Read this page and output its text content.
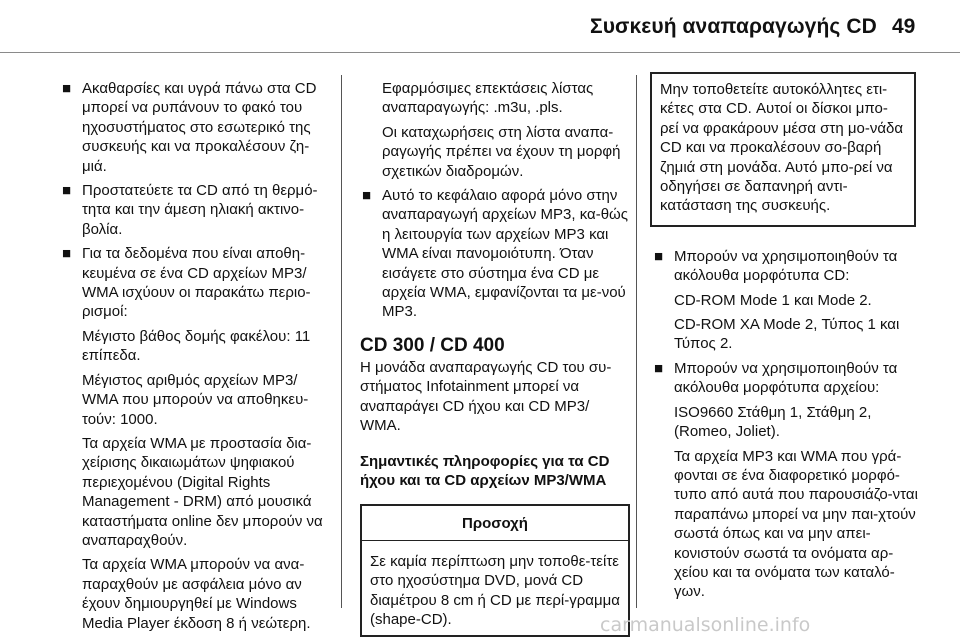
Συσκευή αναπαραγωγής CD 49
■ Ακαθαρσίες και υγρά πάνω στα CD μπορεί να ρυπάνουν το φακό του ηχοσυστήματος στο εσωτερικό της συσκευής και να προκαλέσουν ζη-μιά.
■ Προστατεύετε τα CD από τη θερμό-τητα και την άμεση ηλιακή ακτινο-βολία.
■ Για τα δεδομένα που είναι αποθη-κευμένα σε ένα CD αρχείων MP3/ WMA ισχύουν οι παρακάτω περιο-ρισμοί:
Μέγιστο βάθος δομής φακέλου: 11 επίπεδα.
Μέγιστος αριθμός αρχείων MP3/ WMA που μπορούν να αποθηκευ-τούν: 1000.
Τα αρχεία WMA με προστασία δια-χείρισης δικαιωμάτων ψηφιακού περιεχομένου (Digital Rights Management - DRM) από μουσικά καταστήματα online δεν μπορούν να αναπαραχθούν.
Τα αρχεία WMA μπορούν να ανα-παραχθούν με ασφάλεια μόνο αν έχουν δημιουργηθεί με Windows Media Player έκδοση 8 ή νεώτερη.
Εφαρμόσιμες επεκτάσεις λίστας αναπαραγωγής: .m3u, .pls.
Οι καταχωρήσεις στη λίστα αναπα-ραγωγής πρέπει να έχουν τη μορφή σχετικών διαδρομών.
■ Αυτό το κεφάλαιο αφορά μόνο στην αναπαραγωγή αρχείων MP3, κα-θώς η λειτουργία των αρχείων MP3 και WMA είναι πανομοιότυπη. Όταν εισάγετε στο σύστημα ένα CD με αρχεία WMA, εμφανίζονται τα με-νού MP3.
CD 300 / CD 400
Η μονάδα αναπαραγωγής CD του συ-στήματος Infotainment μπορεί να αναπαράγει CD ήχου και CD MP3/ WMA.
Σημαντικές πληροφορίες για τα CD ήχου και τα CD αρχείων MP3/WMA
Προσοχή
Σε καμία περίπτωση μην τοποθε-τείτε στο ηχοσύστημα DVD, μονά CD διαμέτρου 8 cm ή CD με περί-γραμμα (shape-CD).
Μην τοποθετείτε αυτοκόλλητες ετι-κέτες στα CD. Αυτοί οι δίσκοι μπο-ρεί να φρακάρουν μέσα στη μο-νάδα CD και να προκαλέσουν σο-βαρή ζημιά στη μονάδα. Αυτό μπο-ρεί να οδηγήσει σε δαπανηρή αντι-κατάσταση της συσκευής.
■ Μπορούν να χρησιμοποιηθούν τα ακόλουθα μορφότυπα CD:
CD-ROM Mode 1 και Mode 2.
CD-ROM XA Mode 2, Τύπος 1 και Τύπος 2.
■ Μπορούν να χρησιμοποιηθούν τα ακόλουθα μορφότυπα αρχείου:
ISO9660 Στάθμη 1, Στάθμη 2, (Romeo, Joliet).
Τα αρχεία MP3 και WMA που γρά-φονται σε ένα διαφορετικό μορφό-τυπο από αυτά που παρουσιάζο-νται παραπάνω μπορεί να μην παι-χτούν σωστά όπως και να μην απει-κονιστούν σωστά τα ονόματα αρ-χείου και τα ονόματα των καταλό-γων.
carmanualsonline.info
